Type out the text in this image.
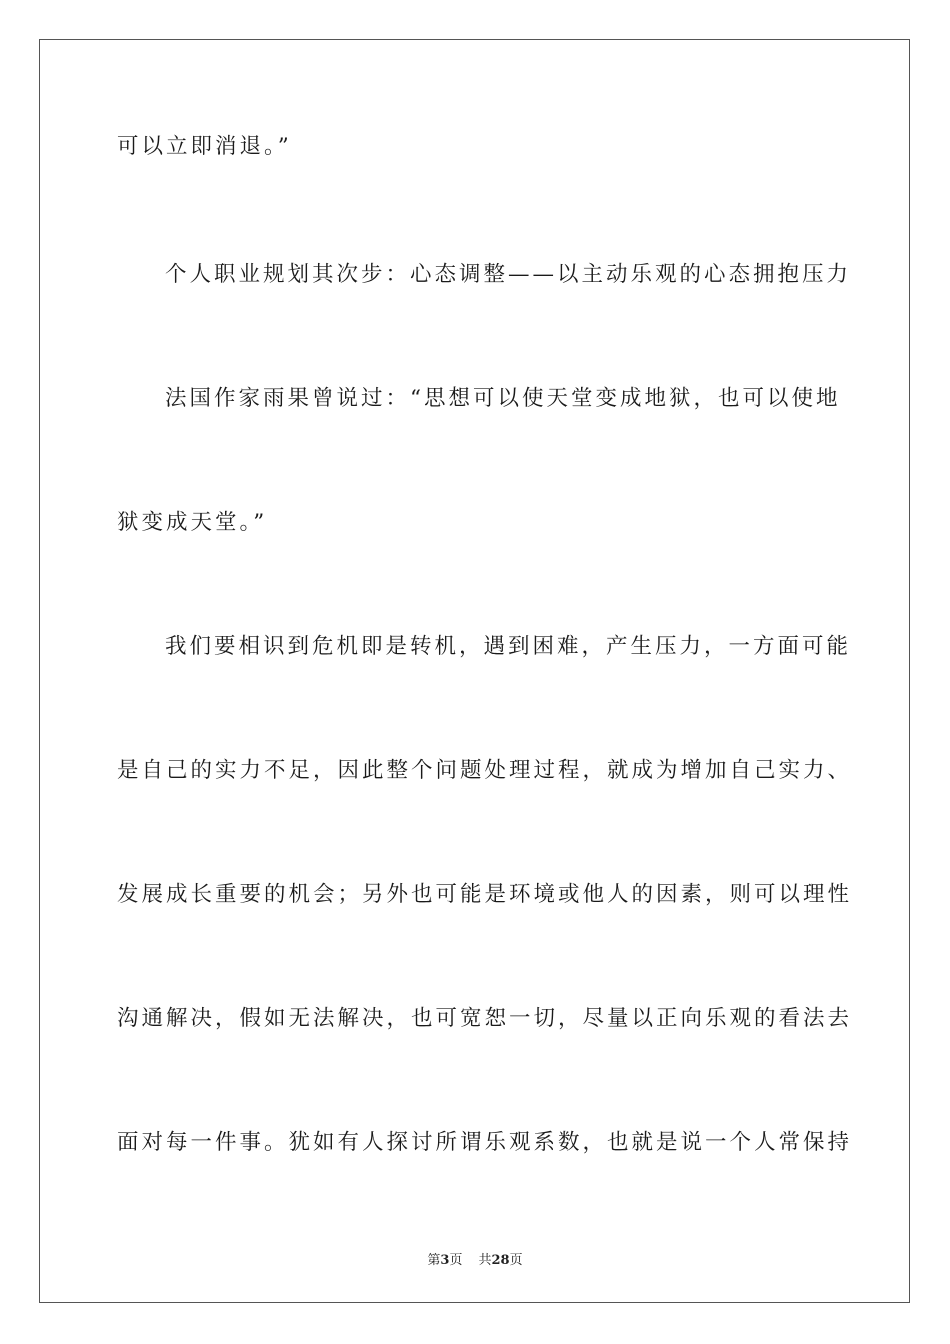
可以立即消退。”
个人职业规划其次步：心态调整——以主动乐观的心态拥抱压力
法国作家雨果曾说过：“思想可以使天堂变成地狱，也可以使地
狱变成天堂。”
我们要相识到危机即是转机，遇到困难，产生压力，一方面可能
是自己的实力不足，因此整个问题处理过程，就成为增加自己实力、
发展成长重要的机会；另外也可能是环境或他人的因素，则可以理性
沟通解决，假如无法解决，也可宽恕一切，尽量以正向乐观的看法去
面对每一件事。犹如有人探讨所谓乐观系数，也就是说一个人常保持
第3页 共28页
